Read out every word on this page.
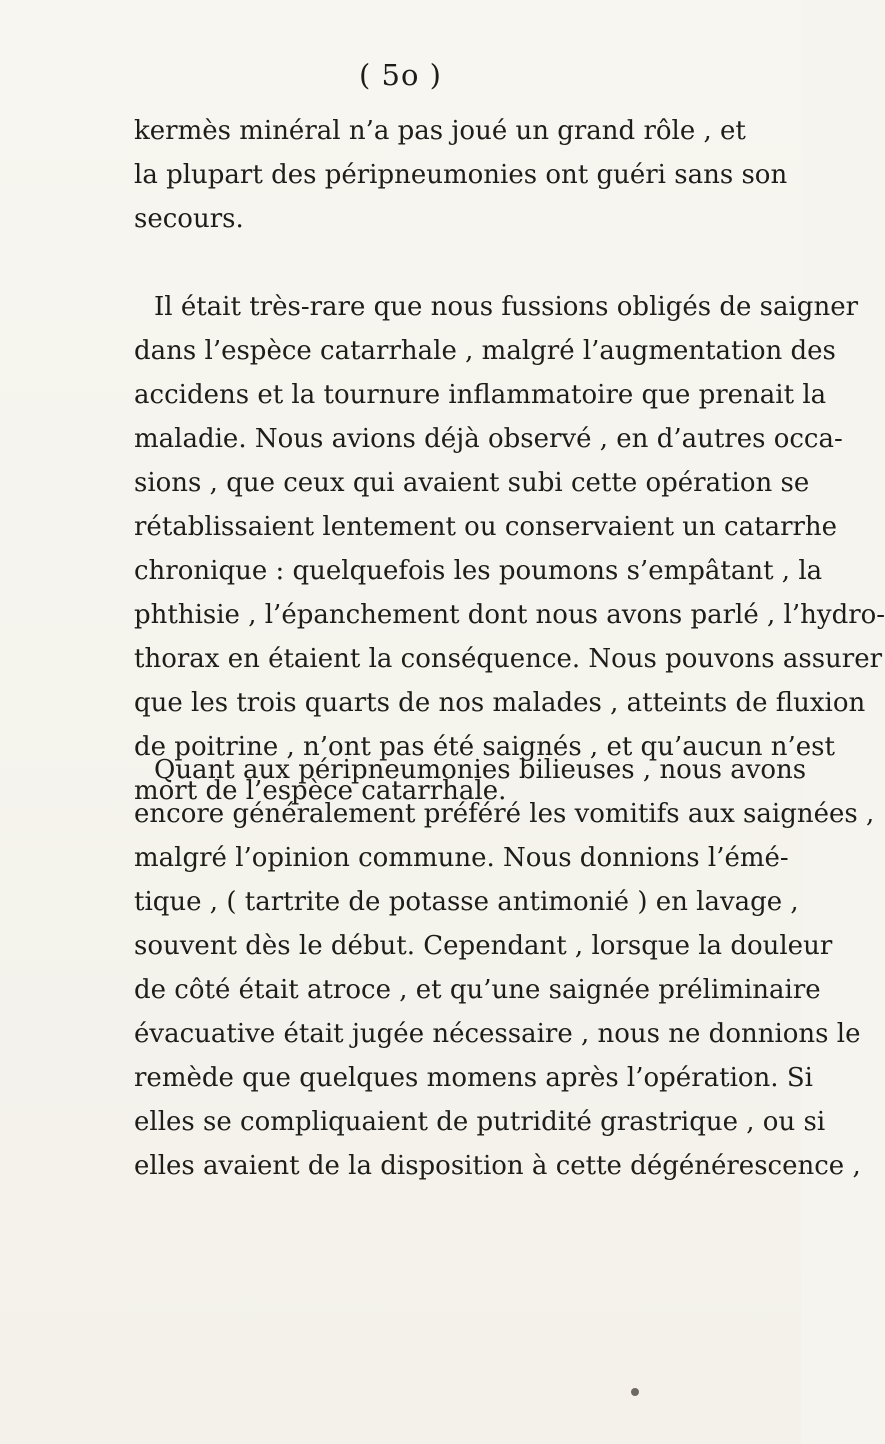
( 5o )

kermès minéral n’a pas joué un grand rôle , et
la plupart des péripneumonies ont guéri sans son
secours.

Il était très-rare que nous fussions obligés de saigner
dans l’espèce catarrhale , malgré l’augmentation des
accidens et la tournure inflammatoire que prenait la
maladie. Nous avions déjà observé , en d’autres occa-
sions , que ceux qui avaient subi cette opération se
rétablissaient lentement ou conservaient un catarrhe
chronique : quelquefois les poumons s’empâtant , la
phthisie , l’épanchement dont nous avons parlé , l’hydro-
thorax en étaient la conséquence. Nous pouvons assurer
que les trois quarts de nos malades , atteints de fluxion
de poitrine , n’ont pas été saignés , et qu’aucun n’est
mort de l’espèce catarrhale.

Quant aux péripneumonies bilieuses , nous avons
encore généralement préféré les vomitifs aux saignées ,
malgré l’opinion commune. Nous donnions l’émé-
tique , ( tartrite de potasse antimonié ) en lavage ,
souvent dès le début. Cependant , lorsque la douleur
de côté était atroce , et qu’une saignée préliminaire
évacuative était jugée nécessaire , nous ne donnions le
remède que quelques momens après l’opération. Si
elles se compliquaient de putridité grastrique , ou si
elles avaient de la disposition à cette dégénérescence ,
